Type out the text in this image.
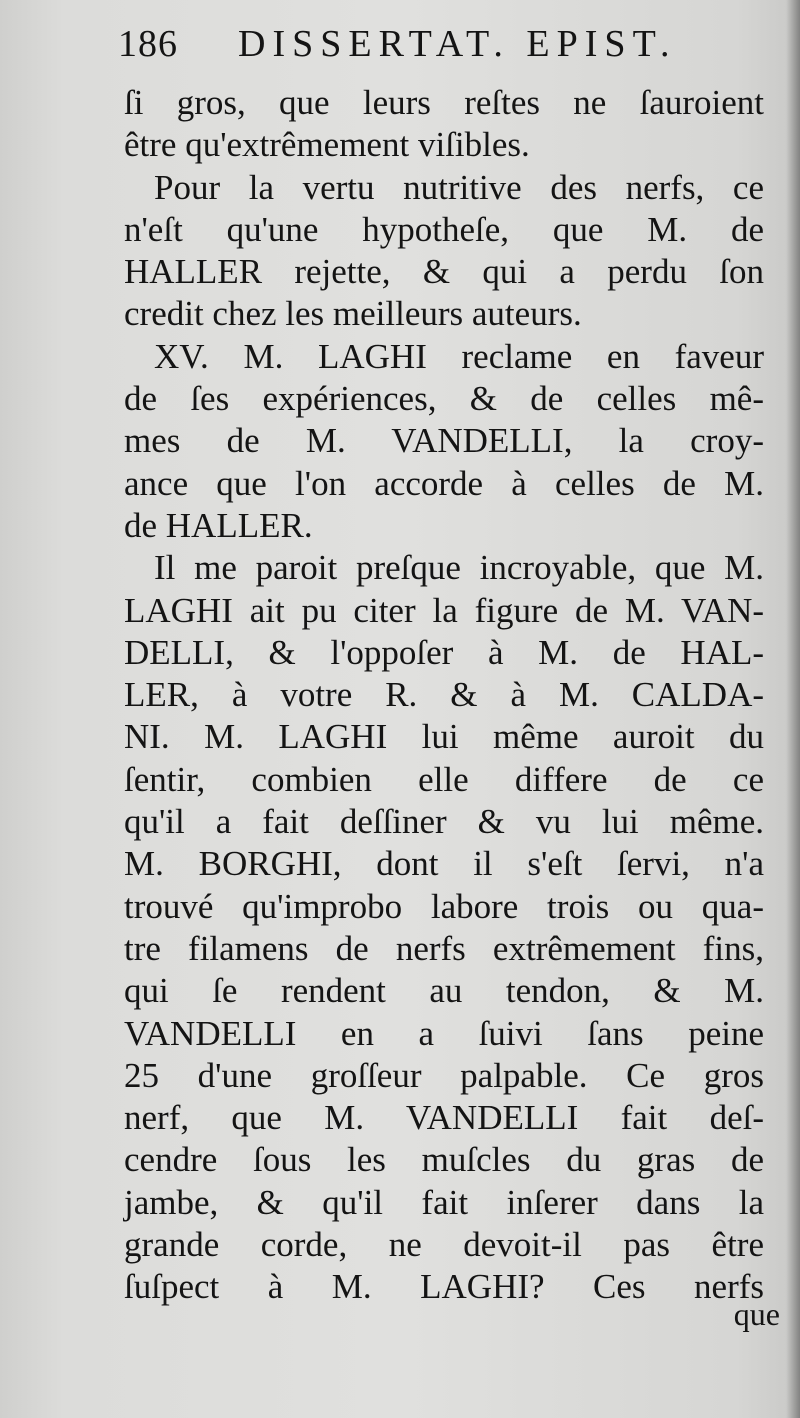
186 DISSERTAT. EPIST.
ſi gros, que leurs reſtes ne ſauroient
être qu'extrêmement viſibles.
Pour la vertu nutritive des nerfs, ce
n'eſt qu'une hypotheſe, que M. de
HALLER rejette, & qui a perdu ſon
credit chez les meilleurs auteurs.
XV. M. LAGHI reclame en faveur
de ſes expériences, & de celles mê-
mes de M. VANDELLI, la croy-
ance que l'on accorde à celles de M.
de HALLER.
Il me paroit preſque incroyable, que M.
LAGHI ait pu citer la figure de M. VAN-
DELLI, & l'oppoſer à M. de HAL-
LER, à votre R. & à M. CALDA-
NI. M. LAGHI lui même auroit du
ſentir, combien elle differe de ce
qu'il a fait deſſiner & vu lui même.
M. BORGHI, dont il s'eſt ſervi, n'a
trouvé qu'improbo labore trois ou qua-
tre filamens de nerfs extrêmement fins,
qui ſe rendent au tendon, & M.
VANDELLI en a ſuivi ſans peine
25 d'une groſſeur palpable. Ce gros
nerf, que M. VANDELLI fait deſ-
cendre ſous les muſcles du gras de
jambe, & qu'il fait inſerer dans la
grande corde, ne devoit-il pas être
ſuſpect à M. LAGHI? Ces nerfs
que
